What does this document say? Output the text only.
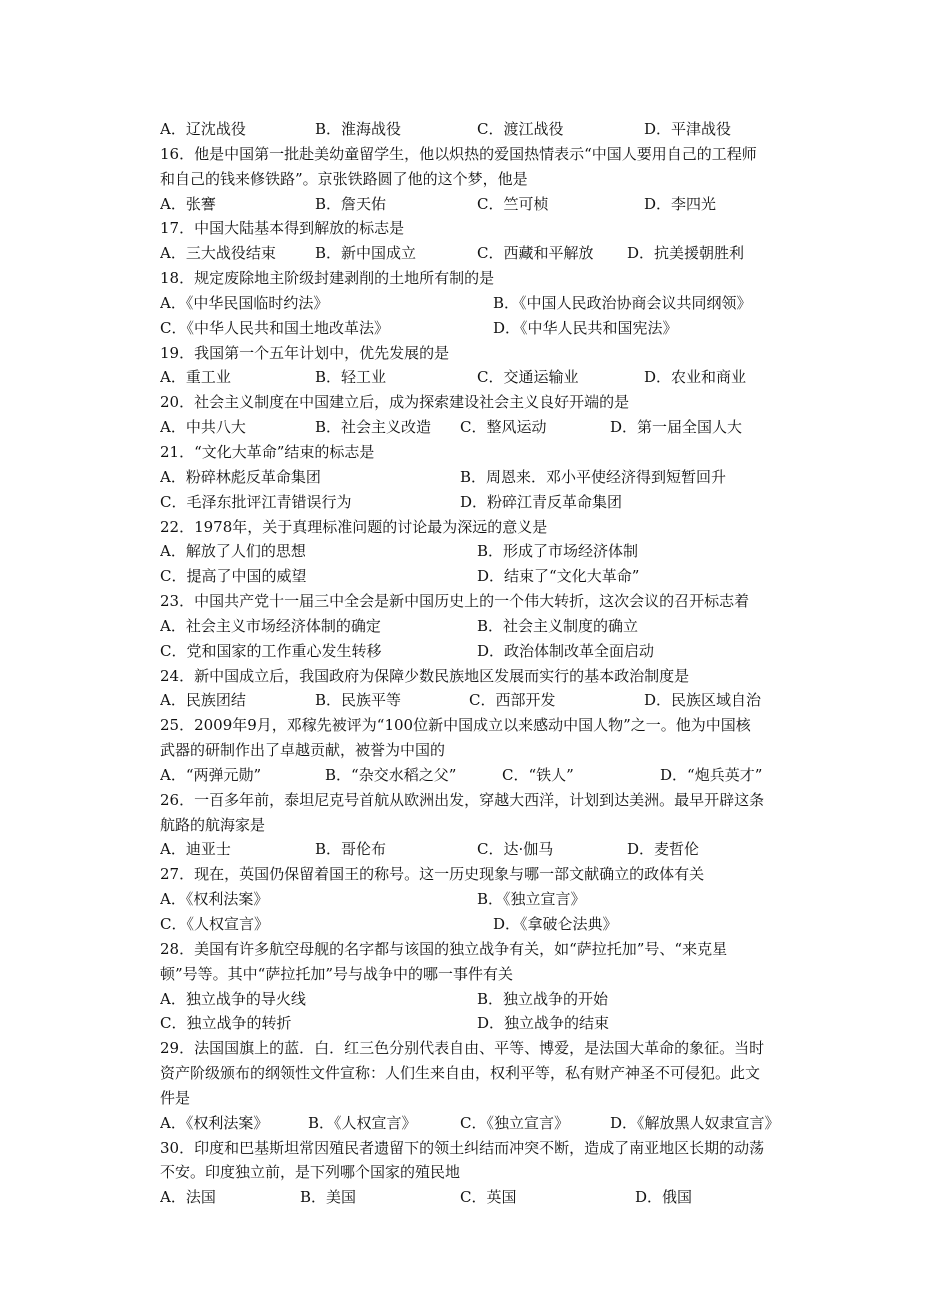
A．辽沈战役	B．淮海战役	C．渡江战役	D．平津战役
16．他是中国第一批赴美幼童留学生，他以炽热的爱国热情表示“中国人要用自己的工程师
和自己的钱来修铁路”。京张铁路圆了他的这个梦，他是
A．张謇	B．詹天佑	C．竺可桢	D．李四光
17．中国大陆基本得到解放的标志是
A．三大战役结束	B．新中国成立	C．西藏和平解放 D．抗美援朝胜利
18．规定废除地主阶级封建剥削的土地所有制的是
A．《中华民国临时约法》	B．《中国人民政治协商会议共同纲领》
C．《中华人民共和国土地改革法》	D．《中华人民共和国宪法》
19．我国第一个五年计划中，优先发展的是
A．重工业	B．轻工业	C．交通运输业	D．农业和商业
20．社会主义制度在中国建立后，成为探索建设社会主义良好开端的是
A．中共八大	B．社会主义改造 C．整风运动	D．第一届全国人大
21．“文化大革命”结束的标志是
A．粉碎林彪反革命集团	B．周恩来．邓小平使经济得到短暂回升
C．毛泽东批评江青错误行为	D．粉碎江青反革命集团
22．1978年，关于真理标准问题的讨论最为深远的意义是
A．解放了人们的思想	B．形成了市场经济体制
C．提高了中国的威望	D．结束了“文化大革命”
23．中国共产党十一届三中全会是新中国历史上的一个伟大转折，这次会议的召开标志着
A．社会主义市场经济体制的确定	B．社会主义制度的确立
C．党和国家的工作重心发生转移	D．政治体制改革全面启动
24．新中国成立后，我国政府为保障少数民族地区发展而实行的基本政治制度是
A．民族团结	B．民族平等	C．西部开发	D．民族区域自治
25．2009年9月，邓稼先被评为“100位新中国成立以来感动中国人物”之一。他为中国核
武器的研制作出了卓越贡献，被誉为中国的
A．“两弹元勋”	B．“杂交水稻之父”	C．“铁人”	D．“炮兵英才”
26．一百多年前，泰坦尼克号首航从欧洲出发，穿越大西洋，计划到达美洲。最早开辟这条
航路的航海家是
A．迪亚士	B．哥伦布	C．达·伽马	D．麦哲伦
27．现在，英国仍保留着国王的称号。这一历史现象与哪一部文献确立的政体有关
A．《权利法案》	B．《独立宣言》
C．《人权宣言》	D．《拿破仑法典》
28．美国有许多航空母舰的名字都与该国的独立战争有关，如“萨拉托加”号、“来克星
顿”号等。其中“萨拉托加”号与战争中的哪一事件有关
A．独立战争的导火线	B．独立战争的开始
C．独立战争的转折	D．独立战争的结束
29．法国国旗上的蓝．白．红三色分别代表自由、平等、博爱，是法国大革命的象征。当时
资产阶级颁布的纲领性文件宣称：人们生来自由，权利平等，私有财产神圣不可侵犯。此文
件是
A．《权利法案》	B．《人权宣言》	C．《独立宣言》	D．《解放黑人奴隶宣言》
30．印度和巴基斯坦常因殖民者遗留下的领土纠结而冲突不断，造成了南亚地区长期的动荡
不安。印度独立前，是下列哪个国家的殖民地
A．法国	B．美国	C．英国	D．俄国
